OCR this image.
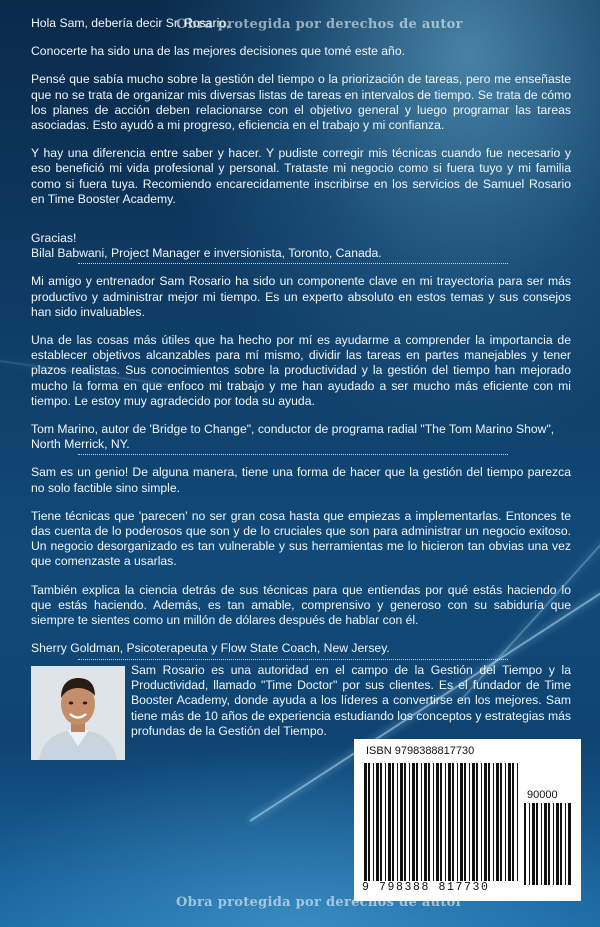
Obra protegida por derechos de autor

Hola Sam, debería decir Sr. Rosario,

Conocerte ha sido una de las mejores decisiones que tomé este año.

Pensé que sabía mucho sobre la gestión del tiempo o la priorización de tareas, pero me enseñaste que no se trata de organizar mis diversas listas de tareas en intervalos de tiempo. Se trata de cómo los planes de acción deben relacionarse con el objetivo general y luego programar las tareas asociadas. Esto ayudó a mi progreso, eficiencia en el trabajo y mi confianza.

Y hay una diferencia entre saber y hacer. Y pudiste corregir mis técnicas cuando fue necesario y eso benefició mi vida profesional y personal. Trataste mi negocio como si fuera tuyo y mi familia como si fuera tuya. Recomiendo encarecidamente inscribirse en los servicios de Samuel Rosario en Time Booster Academy.

Gracias!

Bilal Babwani, Project Manager e inversionista, Toronto, Canada.

Mi amigo y entrenador Sam Rosario ha sido un componente clave en mi trayectoria para ser más productivo y administrar mejor mi tiempo. Es un experto absoluto en estos temas y sus consejos han sido invaluables.

Una de las cosas más útiles que ha hecho por mí es ayudarme a comprender la importancia de establecer objetivos alcanzables para mí mismo, dividir las tareas en partes manejables y tener plazos realistas. Sus conocimientos sobre la productividad y la gestión del tiempo han mejorado mucho la forma en que enfoco mi trabajo y me han ayudado a ser mucho más eficiente con mi tiempo. Le estoy muy agradecido por toda su ayuda.

Tom Marino, autor de 'Bridge to Change", conductor de programa radial "The Tom Marino Show", North Merrick, NY.

Sam es un genio! De alguna manera, tiene una forma de hacer que la gestión del tiempo parezca no solo factible sino simple.

Tiene técnicas que 'parecen' no ser gran cosa hasta que empiezas a implementarlas. Entonces te das cuenta de lo poderosos que son y de lo cruciales que son para administrar un negocio exitoso. Un negocio desorganizado es tan vulnerable y sus herramientas me lo hicieron tan obvias una vez que comenzaste a usarlas.

También explica la ciencia detrás de sus técnicas para que entiendas por qué estás haciendo lo que estás haciendo. Además, es tan amable, comprensivo y generoso con su sabiduría que siempre te sientes como un millón de dólares después de hablar con él.

Sherry Goldman, Psicoterapeuta y Flow State Coach, New Jersey.

Sam Rosario es una autoridad en el campo de la Gestión del Tiempo y la Productividad, llamado "Time Doctor" por sus clientes. Es el fundador de Time Booster Academy, donde ayuda a los líderes a convertirse en los mejores. Sam tiene más de 10 años de experiencia estudiando los conceptos y estrategias más profundas de la Gestión del Tiempo.
ISBN 9798388817730
90000
9 798388 817730
Obra protegida por derechos de autor
